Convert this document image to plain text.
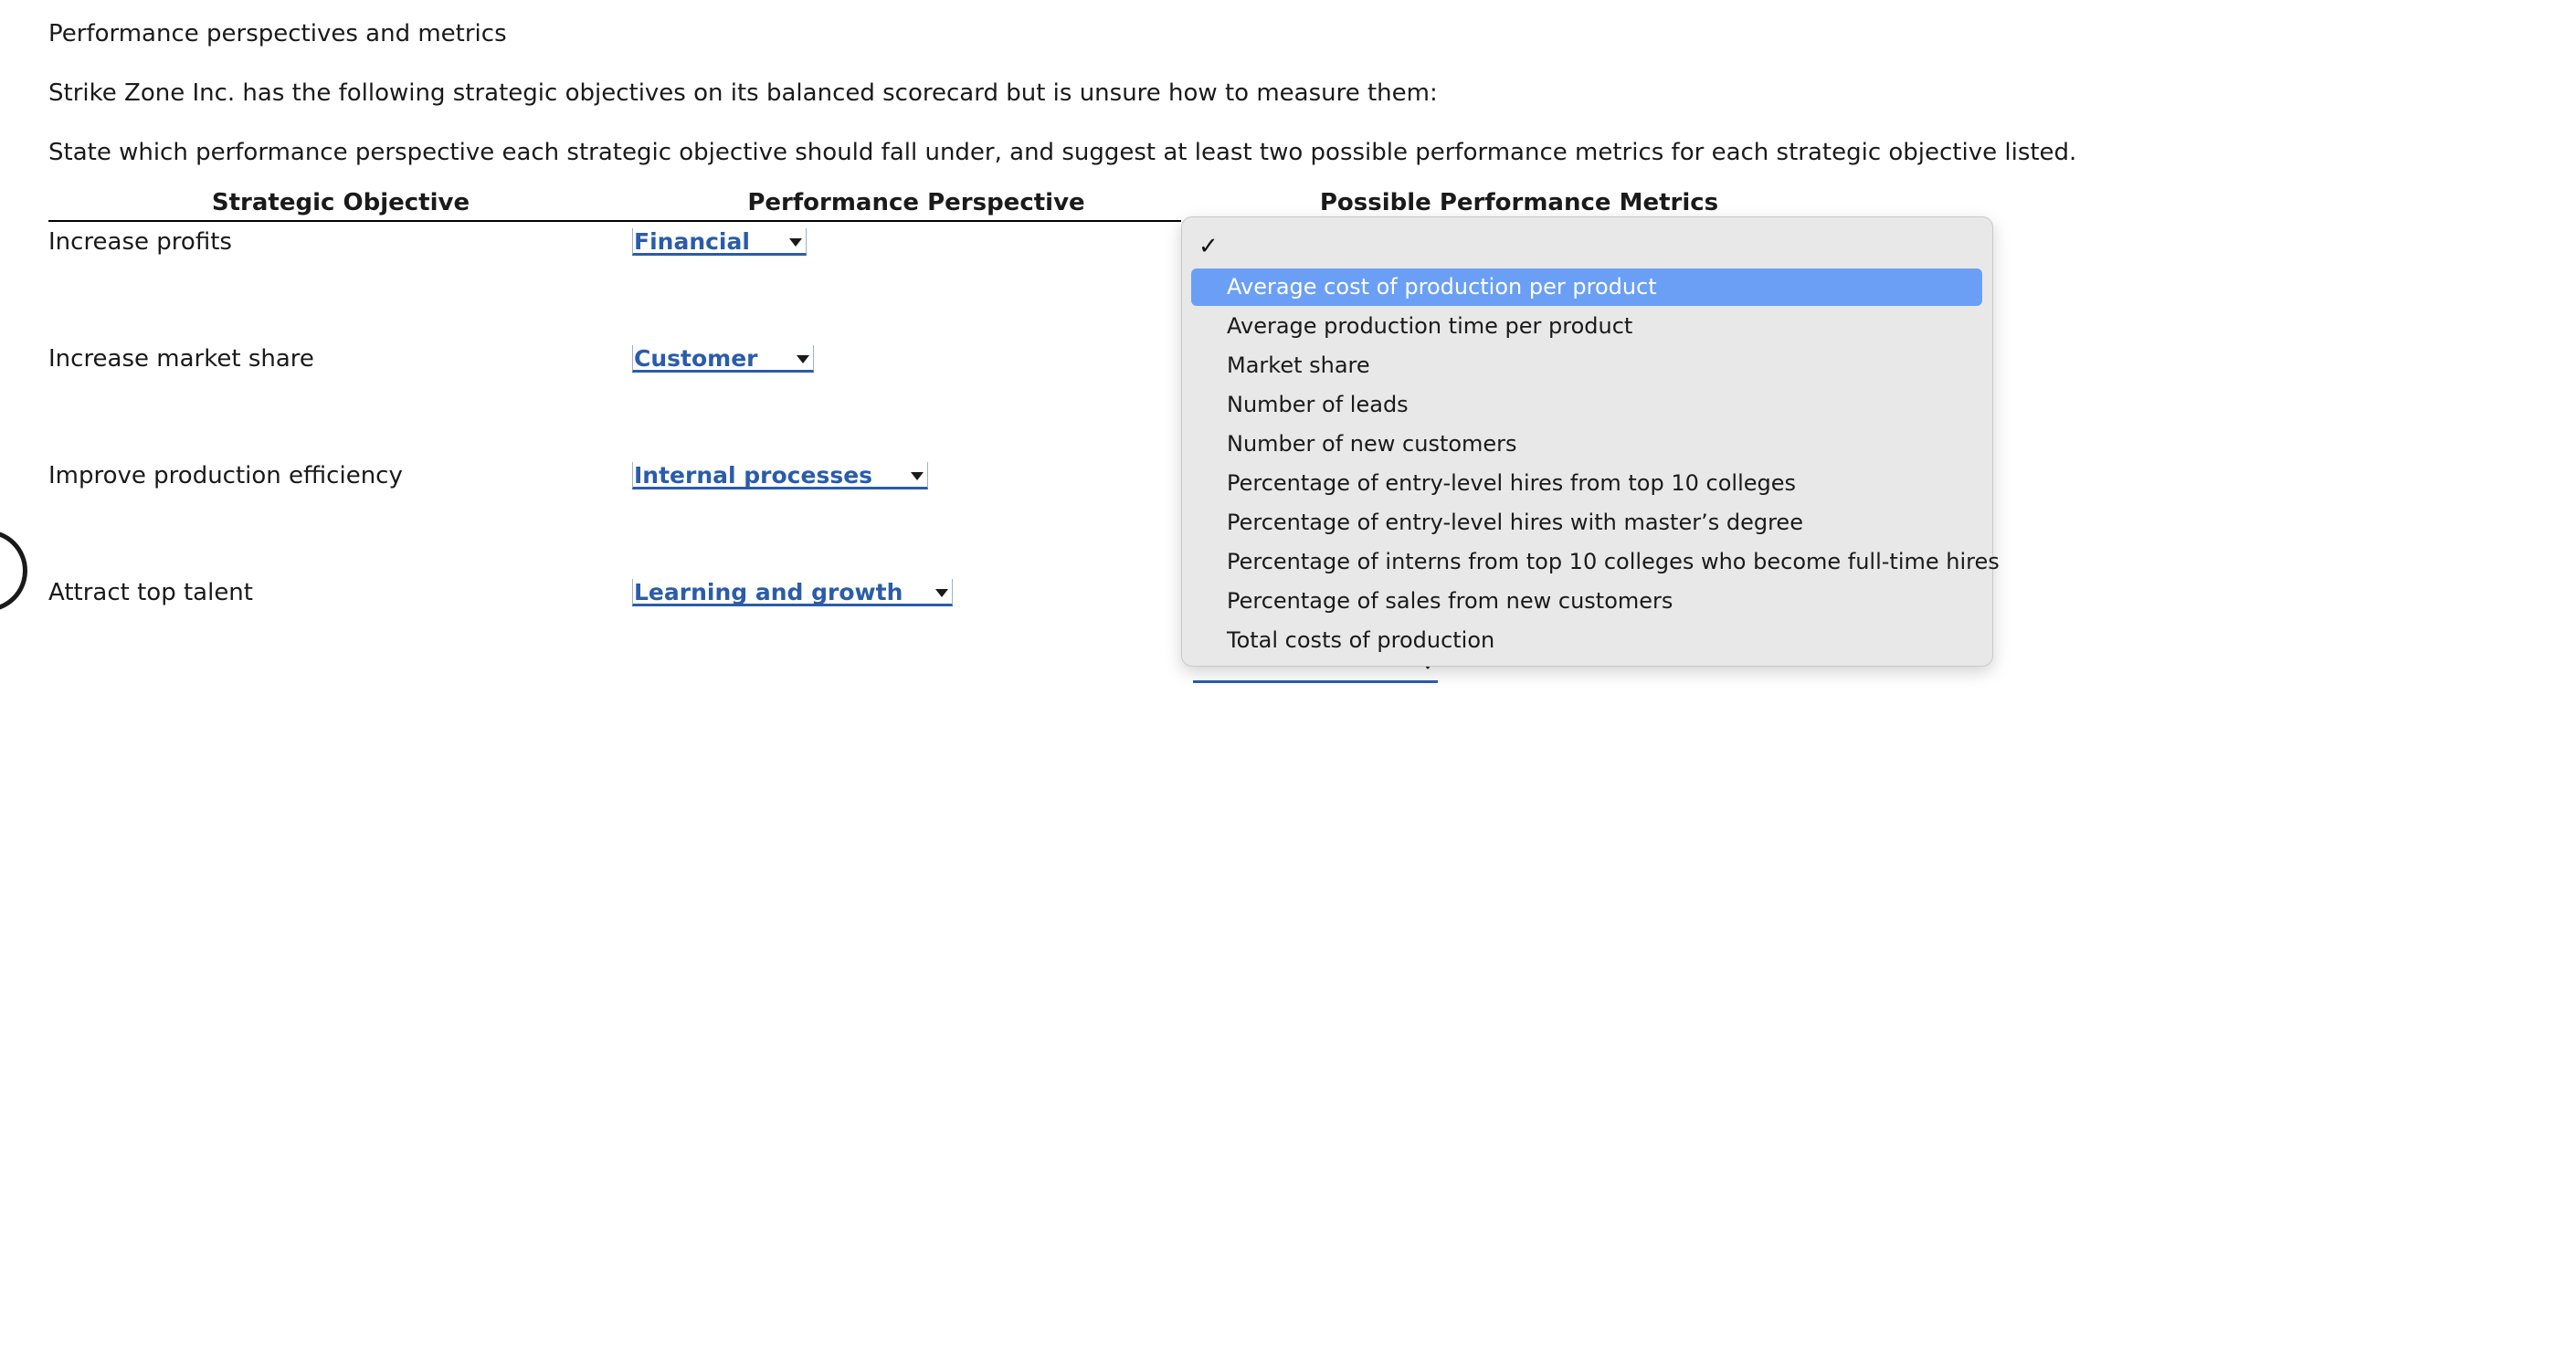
Performance perspectives and metrics
Strike Zone Inc. has the following strategic objectives on its balanced scorecard but is unsure how to measure them:
State which performance perspective each strategic objective should fall under, and suggest at least two possible performance metrics for each strategic objective listed.
Strategic Objective	Performance Perspective	Possible Performance Metrics
Increase profits	Financial
Increase market share	Customer
Improve production efficiency	Internal processes
Attract top talent	Learning and growth
✓
Average cost of production per product
Average production time per product
Market share
Number of leads
Number of new customers
Percentage of entry-level hires from top 10 colleges
Percentage of entry-level hires with master’s degree
Percentage of interns from top 10 colleges who become full-time hires
Percentage of sales from new customers
Total costs of production
